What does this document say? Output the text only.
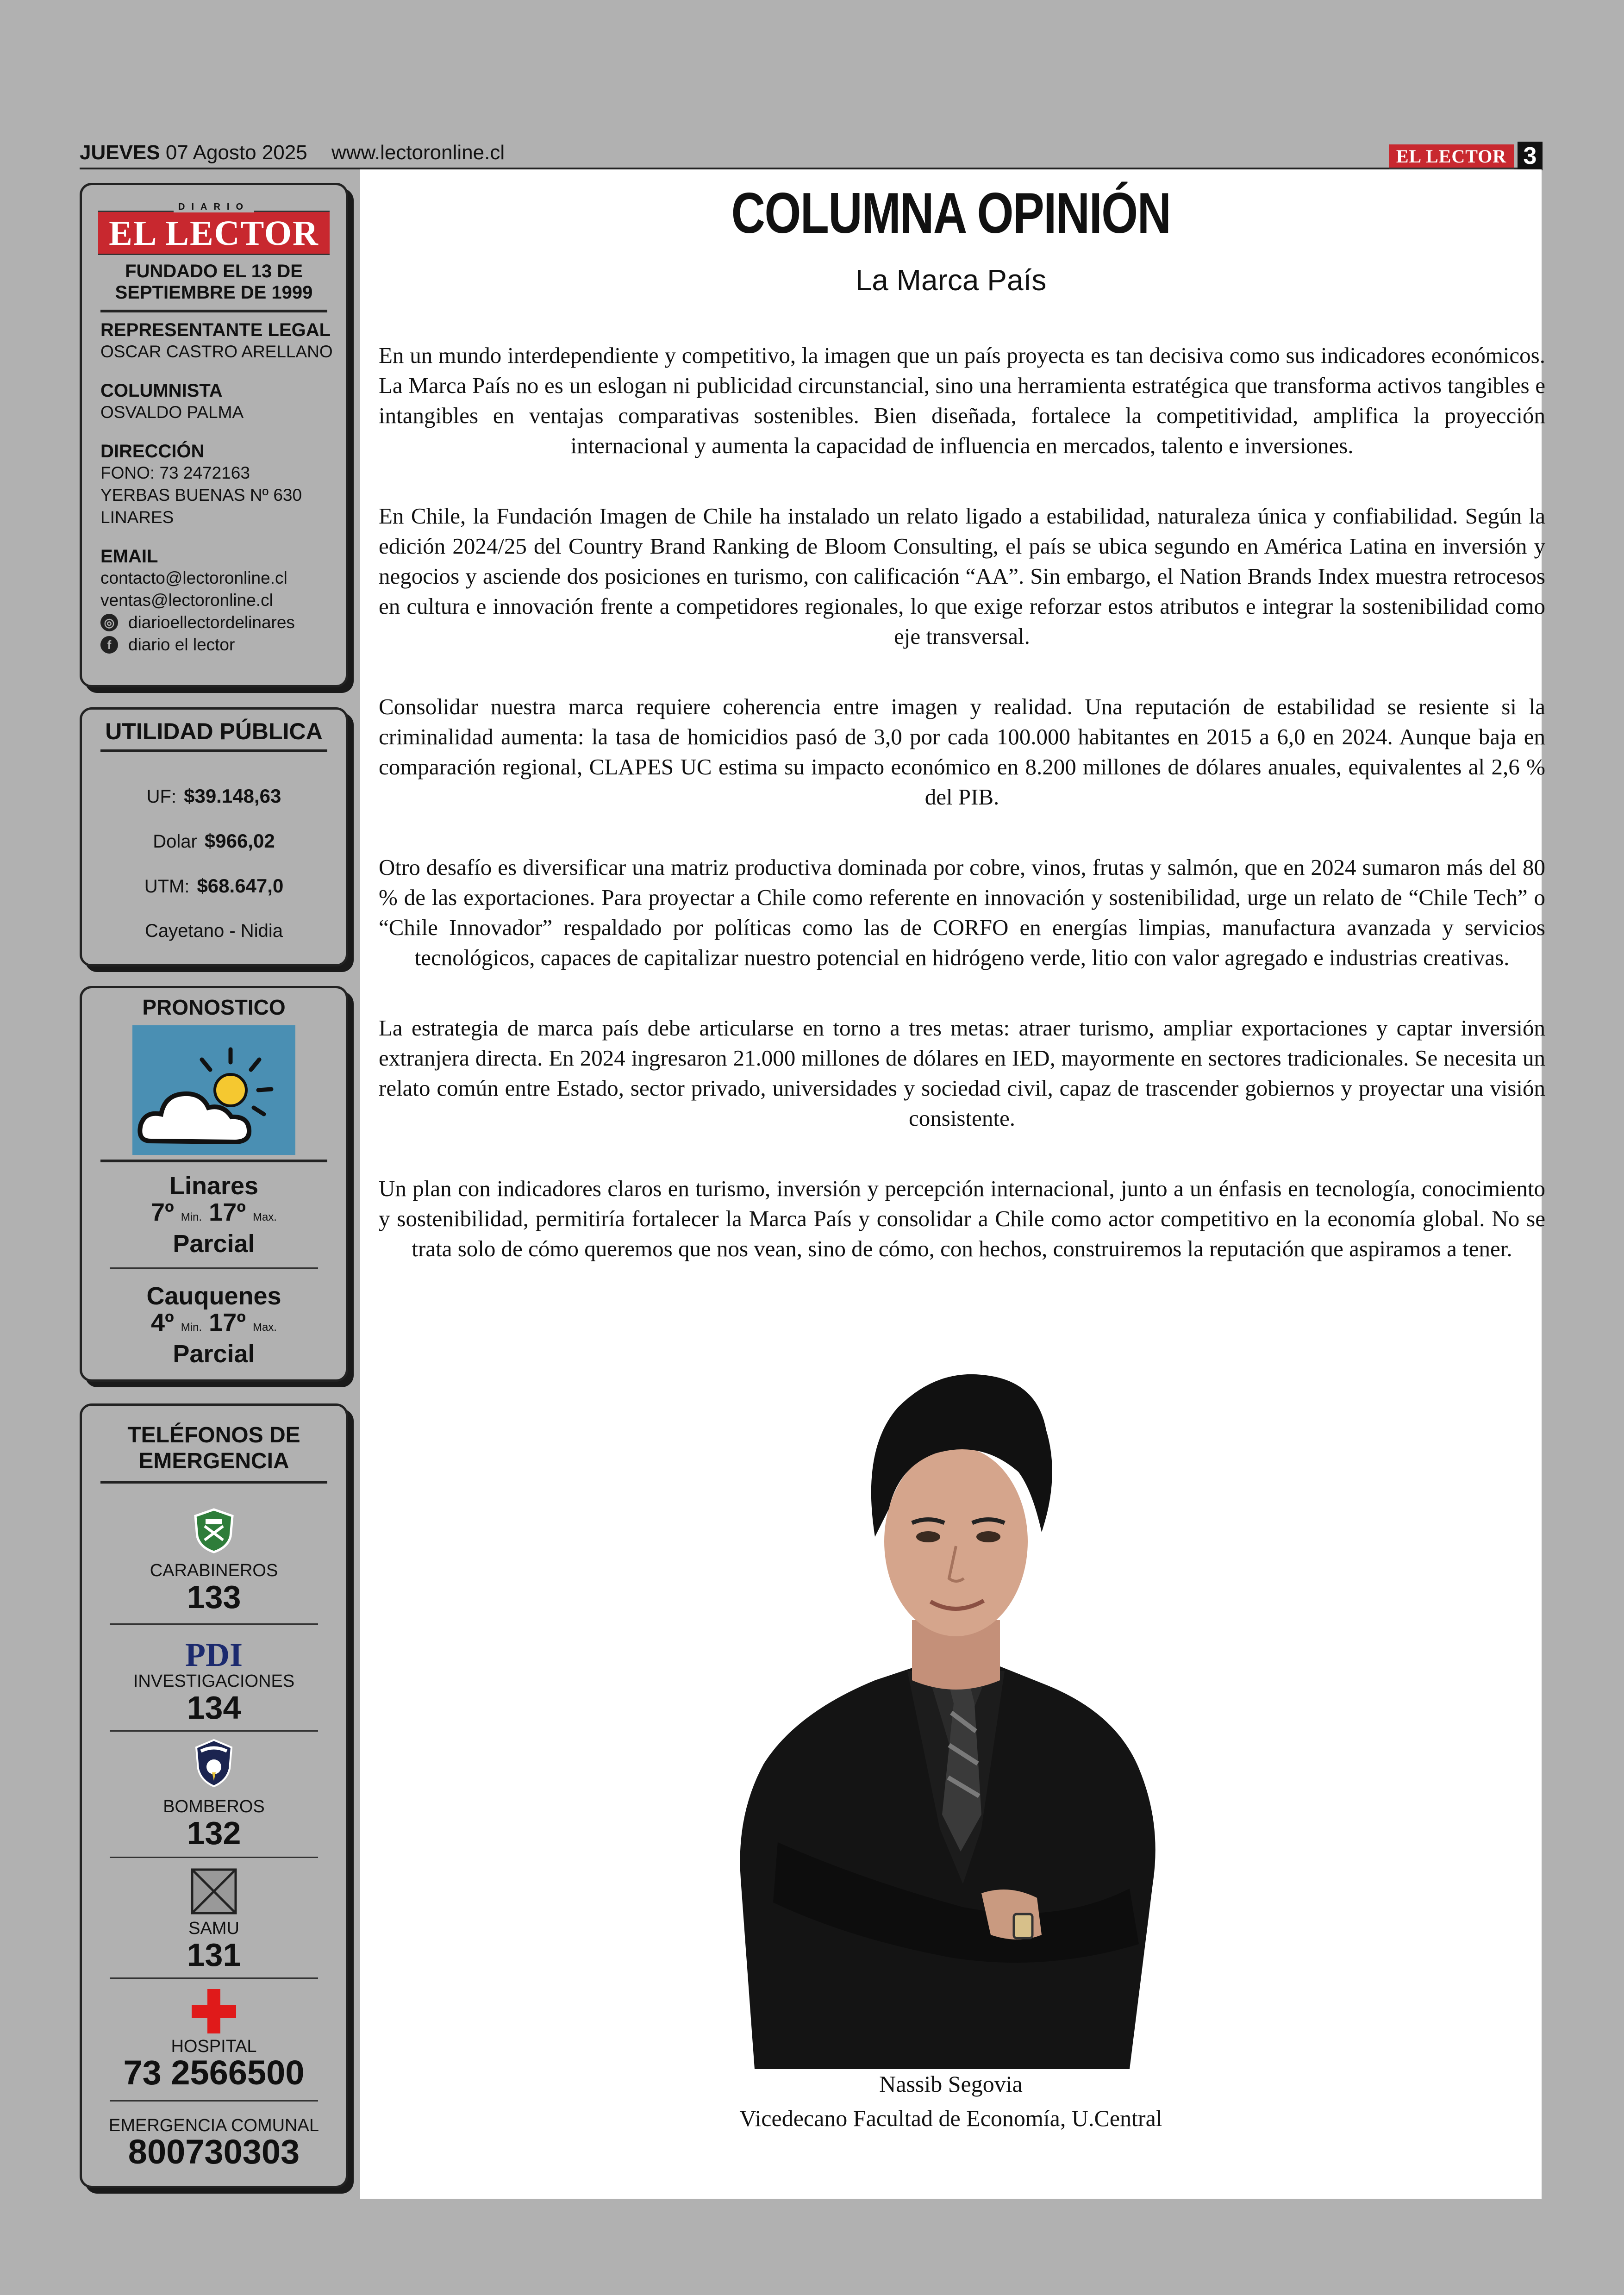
JUEVES 07 Agosto 2025 www.lectoronline.cl	EL LECTOR 3
DIARIO
EL LECTOR
FUNDADO EL 13 DE SEPTIEMBRE DE 1999
REPRESENTANTE LEGAL
OSCAR CASTRO ARELLANO
COLUMNISTA
OSVALDO PALMA
DIRECCIÓN
FONO: 73 2472163
YERBAS BUENAS Nº 630
LINARES
EMAIL
contacto@lectoronline.cl
ventas@lectoronline.cl
◎ diarioellectordelinares
f diario el lector
UTILIDAD PÚBLICA
UF: $39.148,63
Dolar $966,02
UTM: $68.647,0
Cayetano - Nidia
PRONOSTICO
Linares
7º Min. 17º Max.
Parcial
Cauquenes
4º Min. 17º Max.
Parcial
TELÉFONOS DE EMERGENCIA
CARABINEROS
133
PDI
INVESTIGACIONES
134
BOMBEROS
132
SAMU
131
HOSPITAL
73 2566500
EMERGENCIA COMUNAL
800730303
COLUMNA OPINIÓN
La Marca País

En un mundo interdependiente y competitivo, la imagen que un país proyecta es tan decisiva como sus indicadores económicos. La Marca País no es un eslogan ni publicidad circunstancial, sino una herramienta estratégica que transforma activos tangibles e intangibles en ventajas comparativas sostenibles. Bien diseñada, fortalece la competitividad, amplifica la proyección internacional y aumenta la capacidad de influencia en mercados, talento e inversiones.

En Chile, la Fundación Imagen de Chile ha instalado un relato ligado a estabilidad, naturaleza única y confiabilidad. Según la edición 2024/25 del Country Brand Ranking de Bloom Consulting, el país se ubica segundo en América Latina en inversión y negocios y asciende dos posiciones en turismo, con calificación “AA”. Sin embargo, el Nation Brands Index muestra retrocesos en cultura e innovación frente a competidores regionales, lo que exige reforzar estos atributos e integrar la sostenibilidad como eje transversal.

Consolidar nuestra marca requiere coherencia entre imagen y realidad. Una reputación de estabilidad se resiente si la criminalidad aumenta: la tasa de homicidios pasó de 3,0 por cada 100.000 habitantes en 2015 a 6,0 en 2024. Aunque baja en comparación regional, CLAPES UC estima su impacto económico en 8.200 millones de dólares anuales, equivalentes al 2,6 % del PIB.

Otro desafío es diversificar una matriz productiva dominada por cobre, vinos, frutas y salmón, que en 2024 sumaron más del 80 % de las exportaciones. Para proyectar a Chile como referente en innovación y sostenibilidad, urge un relato de “Chile Tech” o “Chile Innovador” respaldado por políticas como las de CORFO en energías limpias, manufactura avanzada y servicios tecnológicos, capaces de capitalizar nuestro potencial en hidrógeno verde, litio con valor agregado e industrias creativas.

La estrategia de marca país debe articularse en torno a tres metas: atraer turismo, ampliar exportaciones y captar inversión extranjera directa. En 2024 ingresaron 21.000 millones de dólares en IED, mayormente en sectores tradicionales. Se necesita un relato común entre Estado, sector privado, universidades y sociedad civil, capaz de trascender gobiernos y proyectar una visión consistente.

Un plan con indicadores claros en turismo, inversión y percepción internacional, junto a un énfasis en tecnología, conocimiento y sostenibilidad, permitiría fortalecer la Marca País y consolidar a Chile como actor competitivo en la economía global. No se trata solo de cómo queremos que nos vean, sino de cómo, con hechos, construiremos la reputación que aspiramos a tener.

Nassib Segovia
Vicedecano Facultad de Economía, U.Central
